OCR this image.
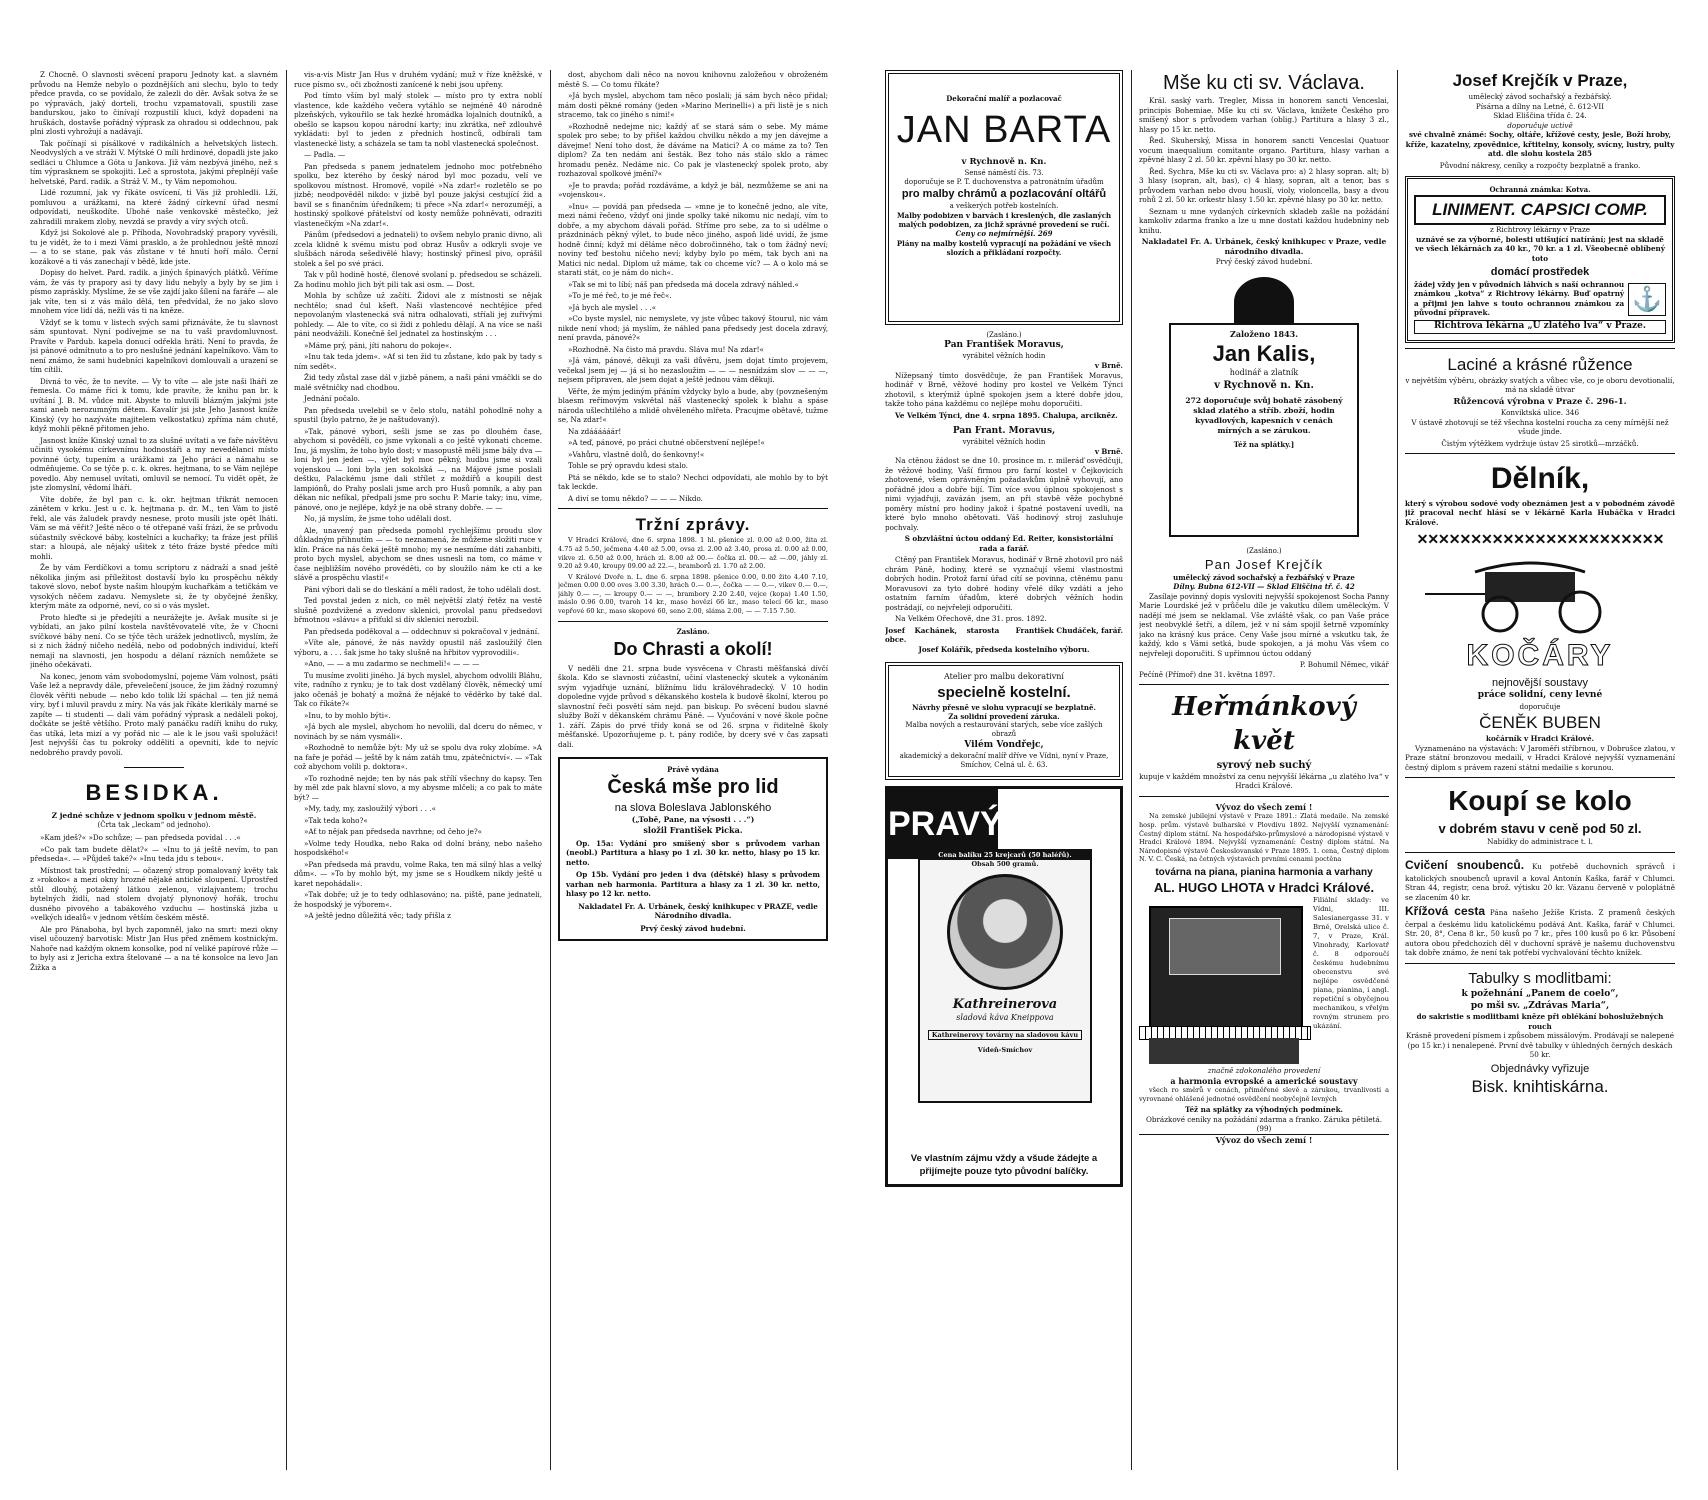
Z Chocně. O slavnosti svěcení praporu Jednoty kat. a slavném průvodu na Hemže nebylo o pozdnějších ani slechu, bylo to tedy předce pravda, co se povídalo, že zalezli do děr. Avšak sotva že se po výpravách, jaký dorteli, trochu vzpamatovali, spustili zase bandurskou, jako to činívají rozpustilí kluci, když dopadeni na hruškách, dostavše pořádný výprask za ohradou si oddechnou, pak plni zlosti vyhrožují a nadávají.

Tak počínají si písálkové v radikálních a helvetských listech. Neodvyslých a ve stráži V. Mýtské O míli hrdinové, dopadli jste jako sedláci u Chlumce a Góta u Jankova. Již vám nezbývá jiného, než s tím výprasknem se spokojiti. Leč a sprostota, jakými přeplnějí vaše helvetské, Pard. radik. a Stráž V. M., ty Vám nepomohou.

Lidé rozumní, jak vy říkáte osvícení, ti Vás již prohledli. Lží, pomluvou a urážkami, na které žádný církevní úřad nesmí odpovídati, neuškodíte. Ubohé naše venkovské městečko, jež zahradili mrakem zloby, nevzdá se pravdy a víry svých otců.

Když jsi Sokolové ale p. Příhoda, Novohradský prapory vyvěsili, tu je vidět, že to i mezi Vámi prasklo, a že prohlednou ještě mnozí — a to se stane, pak vás zůstane v té hnutí hoří málo. Černí kozákové a ti vás zanechají v bědě, kde jste.

Dopisy do helvet. Pard. radik. a jiných špinavých plátků. Věříme vám, že vás ty prapory asi ty davy lidu nebyly a byly by se jim i písmo zapráskly. Myslíme, že se vše zajdí jako šílení na faráře — ale jak víte, ten si z vás málo dělá, ten předvídal, že no jako slovo mnohem více lidí dá, nežli vás ti na kněze.

Vždyť se k tomu v listech svých sami přiznáváte, že tu slavnost sám spuntovat. Nyní podívejme se na tu vaši pravdomluvnost. Pravíte v Pardub. kapela donucí odřekla hráti. Není to pravda, že jsi pánové odmítnuto a to pro neslušné jednání kapelníkovo. Vám to není známo, že sami hudebníci kapelníkovi domlouvali a urazení se tím cítili.

Divná to věc, že to nevíte. — Vy to víte — ale jste naši lháři ze řemesla. Co máme říci k tomu, kde pravíte, že knihu pan br. k uvítání J. B. M. vůdce mit. Abyste to mluvili blázným jakými jste sami aneb nerozumným dětem. Kavalír jsi jste Jeho Jasnost kníže Kinský (vy ho nazýváte majitelem velkostatku) zpříma nám chutě, když mohli pěkně přitomen jeho.

Jasnost kníže Kinský uznal to za slušné uvítati a ve faře návštěvu učiniti vysokému církevnímu hodnostáři a my nevedělanci místo povinné úcty, tupením a urážkami za Jeho práci a námahu se odměňujeme. Co se týče p. c. k. okres. hejtmana, to se Vám nejlépe povedlo. Aby nemusel uvítati, omluvil se nemocí. Tu vidět opět, že jste zlomyslní, vědomí lháři.

Víte dobře, že byl pan c. k. okr. hejtman třikrát nemocen zánětem v krku. Jest u c. k. hejtmana p. dr. M., ten Vám to jistě řekl, ale vás žaludek pravdy nesnese, proto musíli jste opět lháti. Vám se má věřit? Ješté něco o té otřepané vaší frázi, že se průvodu súčastnily svěckové báby, kostelníci a kuchařky; ta fráze jest příliš star: a hloupá, ale nějaký ušitek z této fráze bysté předce míti mohli.

Že by vám Ferdíčkovi a tomu scriptoru z nádraží a snad ještě několika jiným asi příležitost dostavší bylo ku prospěchu někdy takové slovo, neboť byste našim hloupým kuchařkám a tetičkám ve vysokých něčem zadavu. Nemyslete si, že ty obyčejné ženšky, kterým máte za odporné, neví, co si o vás myslet.

Proto hleďte si je předejíti a neurážejte je. Avšak musíte si je vybídati, an jako pilní kostela navštěvovatelé víte, že v Chocni svíčkové báby není. Co se týče těch urážek jednotlivců, myslím, že si z nich žádný ničeho nedělá, nebo od podobných individuí, kteří nemají na slavnosti, jen hospodu a délaní rázních nemůžete se jiného očekávati.

Na konec, jenom vám svobodomyslní, pojeme Vám volnost, psáti Vaše lež a nepravdy dále, převelečení jsouce, že jim žádný rozumný člověk věřiti nebude — nebo kdo tolik lží spáchal — ten již nemá víry, byť i mluvil pravdu z míry. Na vás jak říkáte klerikály marné se zapíte — ti studenti — dali vám pořádný výprask a nedáleli pokoj, dočkáte se ještě většího. Proto malý panáčku radíři knihu do ruky, čas utíká, leta mizí a vy pořád nic — ale k le jsou vaši spolužáci! Jest nejvyšší čas tu pokroky odděliti a opevniti, kde to nejvíc nedobrého pravdy povolí.

BESIDKA.
Z jedné schůze v jednom spolku v jednom městě.
(Črta tak „leckam“ od jednoho).

»Kam jdeš?« »Do schůze; — pan předseda povídal . . .«

»Co pak tam budete dělat?« — »Inu to já ještě nevím, to pan předseda«. — »Půjdeš také?« »Inu teda jdu s tebou«.

Místnost tak prostřední; — očazený strop pomalovaný květy tak z »rokoko« a mezi okny hrozné nějaké antické sloupení. Uprostřed stůl dlouhý, potažený látkou zelenou, vizlajvantem; trochu bytelných židlí, nad stolem dvojatý plynonový hořák, trochu dusného pivového a tabákového vzduchu — hostinská jizba u »velkých idealů« v jednom větším českém městě.

Ale pro Pánaboha, byl bych zapomněl, jako na smrt: mezi okny visel učouzený barvotisk: Mistr Jan Hus před zněmem kostnickým. Nahoře nad každým oknem konsolke, pod ní veliké papírové růže — to byly asi z Jericha extra štelované — a na té konsolce na levo Jan Žižka a

vis-a-vis Mistr Jan Hus v druhém vydání; muž v říze kněžské, v ruce písmo sv., oči zbožnosti zanícené k nebi jsou upřeny.

Pod tímto vším byl malý stolek — místo pro ty extra noblí vlastence, kde každého večera vytáhlo se nejméně 40 národně plzeňských, vykouřilo se tak hezké hromádka lojalních doutníků, a obešlo se kapsou kopou národní karty; inu zkrátka, neř zdlouhvě vykládati: byl to jeden z předních hostinců, odbírali tam vlastenecké listy, a scházela se tam ta nobl vlastenecká společnost.

— Padla. —

Pan předseda s panem jednatelem jednoho moc potřebného spolku, bez kterého by český národ byl moc pozadu, velí ve spolkovou místnost. Hromově, vopilé »Na zdar!« rozletělo se po jizbě; neodpověděl nikdo: v jizbě byl pouze jakýsi cestující žid a bavil se s finančním úředníkem; ti přece »Na zdar!« nerozumějí, a hostinský spolkové přátelství od kosty nemůže pohněvati, odraziti vlastenečkým »Na zdar!«.

Pánům (předsedovi a jednateli) to ovšem nebylo pranic divno, ali zcela klidně k svému místu pod obraz Husův a odkryli svoje ve slušbách národa sešedivělé hlavy; hostinský přinesl pivo, oprášil stolek a šel po své práci.

Tak v půl hodině hosté, členové svolaní p. předsedou se scházeli. Za hodinu mohlo jich být pili tak asi osm. — Dost.

Mohla by schůze už začíti. Židovi ale z místnosti se nějak nechtělo; snad čul kšeft. Naši vlastencové nechtějíce před nepovolaným vlastenecká svá nitra odhalovati, stříali jej zuřivými pohledy. — Ale to víte, co si židi z pohledu dělají. A na více se naši páni neodvážili. Konečně šel jednatel za hostinským . . .

»Máme prý, páni, jíti nahoru do pokoje«.

»Inu tak teda jdem«. »Ať si ten žid tu zůstane, kdo pak by tady s ním sedět«.

Žid tedy zůstal zase dál v jizbě pánem, a naši páni vmáčkli se do malé světničky nad chodbou.

Jednání počalo.

Pan předseda uvelebil se v čelo stolu, natáhl pohodlně nohy a spustil (bylo patrno, že je naštudovaný).

»Tak, pánové vybori, sešli jsme se zas po dlouhém čase, abychom si pověděli, co jsme vykonali a co ještě vykonati chceme. Inu, já myslím, že toho bylo dost; v masopustě měli jsme bály dva — loni byl jen jeden —, výlet byl moc pěkný, hudbu jsme si vzali vojenskou — loni byla jen sokolská —, na Májové jsme poslali deštku, Palackému jsme dali střílet z moždířů a koupili dest lampiónů, do Prahy poslali jsme arch pro Husů pomník, a aby pan děkan nic nefíkal, předpali jsme pro sochu P. Marie taky; inu, víme, pánové, ono je nejlépe, když je na obě strany dobře. — —

No, já myslím, že jsme toho udělali dost.

Ale, unavený pan předseda pomohl rychlejšímu proudu slov důkladným přihnutím — — to neznamená, že můžeme složiti ruce v klín. Práce na nás čeká ještě mnoho; my se nesmíme dáti zahanbiti, proto bych myslel, abychom se dnes usnesli na tom, co máme v čase nejbližším nového provéděti, co by sloužilo nám ke cti a ke slávě a prospěchu vlasti!«

Páni výbori dali se do tleskání a měli radost, že toho udělali dost.

Ted povstal jeden z nich, co měl největší zlatý řetěz na vestě slušně pozdvižené a zvedonv sklenici, provolal panu předsedovi břmotnou »slávu« a přiťukl si dív sklenici nerozbil.

Pan předseda poděkoval a — oddechnuv si pokračoval v jednání.

»Víte ale, pánové, že nás navždy opustil náš zasloužilý člen výboru, a . . . šak jsme ho taky slušně na hřbitov vyprovodili«.

»Ano, — — a mu zadarmo se nechmeli!« — — —

Tu musíme zvoliti jiného. Já bych myslel, abychom odvolili Bláhu, víte, radního z rynku; je to tak dost vzdělaný člověk, německý umí jako očenáš je bohatý a možná že nějaké to věděrko by také dal. Tak co říkáte?«

»Inu, to by mohlo býti«.

»Já bych ale myslel, abychom ho nevolili, dal dceru do němec, v novinách by se nám vysmáli«.

»Rozhodně to nemůže být: My už se spolu dva roky zlobíme. »A na faře je pořád — ještě by k nám zatáh tmu, zpátečnictví«. — »Tak což abychom volili p. doktora«.

»To rozhodně nejde; ten by nás pak střílí všechny do kapsy. Ten by měl zde pak hlavní slovo, a my abysme mlčeli; a co pak to máte být? —

»My, tady, my, zasloužilý výbori . . .«

»Tak teda koho?«

»Ať to nějak pan předseda navrhne; od čeho je?«

»Volme tedy Houdka, nebo Raka od dolní brány, nebo našeho hospodského!«

»Pan předseda má pravdu, volme Raka, ten má silný hlas a velký dům«. — »To by mohlo být, my jsme se s Houdkem nikdy ještě u karet nepohádali«.

»Tak dobře; už je to tedy odhlasováno; na. piště, pane jednateli, že hospodský je výborem«.

»A ještě jedno důležitá věc; tady přišla z

dost, abychom dali něco na novou knihovnu založeňou v obroženém městě S. — Co tomu říkáte?

»Já bych myslel, abychom tam něco poslali; já sám bych něco přidal; mám dosti pěkné romány (jeden »Marino Merinelli«) a při listě je s nich stracemo, tak co jiného s nimi!«

»Rozhodně nedejme nic; každý ať se stará sám o sebe. My máme spolek pro sebe; to by přišel každou chvilku někdo a my jen dávejme a dávejme! Není toho dost, že dáváme na Matici? A co máme za to? Ten diplom? Za ten nedám ani šesták. Bez toho nás stálo sklo a rámec hromadu peněz. Nedáme nic. Co pak je vlastenecký spolek proto, aby rozhazoval spolkové jmění?«

»Je to pravda; pořád rozdáváme, a když je bál, nezmůžeme se ani na »vojenskou«.

»Inu« — povídá pan předseda — »mne je to konečně jedno, ale víte, mezi námi řečeno, vždyť oni jinde spolky také nikomu nic nedají, vím to dobře, a my abychom dávali pořád. Stříme pro sebe, za to si udělme o prázdninách pěkný výlet, to bude něco jiného, aspoň lidé uvidí, že jsme hodně činní; když mi děláme něco dobročinného, tak o tom žádný neví; noviny teď bestohu ničeho neví; kdyby bylo po mém, tak bych ani na Matici nic nedal. Diplom už máme, tak co chceme víc? — A o kolo má se starati stát, co je nám do nich«.

»Tak se mi to líbí; náš pan předseda má docela zdravý náhled.«

»To je mé řeč, to je mé řeč«.

»Já bych ale myslel . . .«

»Co byste myslel, nic nemyslete, vy jste vůbec takový štourul, nic vám nikde není vhod; já myslím, že náhled pana předsedy jest docela zdravý, není pravda, pánové?«

»Rozhodně. Na čisto má pravdu. Sláva mu! Na zdar!«

»Já vám, pánové, děkuji za vaši důvěru, jsem dojat tímto projevem, večekal jsem jej — já si ho nezasloužim — — — nesnídzám slov — — —, nejsem připraven, ale jsem dojat a ještě jednou vám děkuji.

Věřte, že mým jediným přáním vždycky bylo a bude, aby (povznešeným blaesm reřímovým vskvětal náš vlastenecký spolek k blahu a spáse národa ušlechtilého a mlidě ohvěleného mlřeta. Pracujme obětavě, tužme se, Na zdar!«

Na zdáááááár!

»A teď, pánové, po práci chutné občerstvení nejlépe!«

»Vahůru, vlastně dolů, do šenkovny!«

Tohle se prý opravdu kdesi stalo.

Ptá se někdo, kde se to stalo? Nechci odpovídati, ale mohlo by to být tak leckde.

A diví se tomu někdo? — — — Nikdo.

Tržní zprávy.

V Hradci Králové, dne 6. srpna 1898. 1 hl. pšenice zl. 0.00 až 0.00, žita zl. 4.75 až 5.50, ječmena 4.40 až 5.00, ovsa zl. 2.00 až 3.40, prosa zl. 0.00 až 0.00, vikve zl. 6.50 až 0.00, hrách zl. 8.00 až 00.— čočka zl. 00.— až —.00, jáhly zl. 9.20 až 9.40, kroupy 09.00 až 22.—, bramborů zl. 1.70 až 2.00.

V Králové Dvoře n. L. dne 6. srpna 1898. pšenice 0.00, 0.00 žito 4.40 7.10, ječmen 0.00 0.00 oves 3.00 3.30, hrách 0.— 0.—, čočka — — 0.—, vikev 0.— 0.—, jáhly 0.— —, — kroupy 0.— — —, brambory 2.20 2.40, vejce (kopa) 1.40 1.50, máslo 0.96 0.00, tvaroh 14 kr., maso hovězí 66 kr., maso telecí 66 kr., maso vepřové 60 kr., maso skopové 60, seno 2.00, sláma 2.00, — — 7.15 7.50.

Zasláno.
Do Chrasti a okolí!

V neděli dne 21. srpna bude vysvěcena v Chrasti měšťanská dívčí škola. Kdo se slavnosti zúčastní, učiní vlastenecký skutek a vykonáním svým vyjadřuje uznání, bližnímu lidu královéhradecký. V 10 hodin dopoledne vyjde průvod s děkanského kostela k budově školní, kterou po slavnostní řeči posvětí sám nejd. pan biskup. Po svěcení budou slavné služby Boží v děkanském chrámu Páně. — Vyučování v nové škole počne 1. září. Zápis do prvé třídy koná se od 26. srpna v řiditelně školy měšťanské. Upozorňujeme p. t. pány rodiče, by dcery své v čas zapsati dali.

Právě vydána
Česká mše pro lid
na slova Boleslava Jablonského
(„Tobě, Pane, na výsosti . . .“)
složil František Picka.

Op. 15a: Vydání pro smíšený sbor s průvodem varhan (neobl.) Partitura a hlasy po 1 zl. 30 kr. netto, hlasy po 15 kr. netto.

Op 15b. Vydání pro jeden i dva (dětské) hlasy s průvodem varhan neb harmonia. Partitura a hlasy za 1 zl. 30 kr. netto, hlasy po 12 kr. netto.

Nakladatel Fr. A. Urbánek, český knihkupec v PRAZE, vedle Národního divadla.

Prvý český závod hudební.
Dekorační malíř a pozlacovač
JAN BARTA
v Rychnově n. Kn.
Sensé náměstí čís. 73.
doporučuje se P. T. duchovenstva a patronátním úřadům
pro malby chrámů a pozlacování oltářů
a veškerých potřeb kostelních.
Malby podobizen v barvách i kreslených, dle zaslaných malých podobizen, za jichž správné provedení se ručí.
Ceny co nejmírnější. 269
Plány na malby kostelů vypracují na požádání ve všech slozích a přikládaní rozpočty.
(Zasláno.)
Pan František Moravus,
vyrábitel věžních hodin
v Brně.

Nížepsaný tímto dosvědčuje, že pan František Moravus, hodinář v Brně, věžové hodiny pro kostel ve Velkém Týnci zhotovil, s kterýmiž úplně spokojen jsem a které dobře jdou, takže toho pána každému co nejlépe mohu doporučiti.

Ve Velkém Týnci, dne 4. srpna 1895. Chalupa, arcikněz.

Pan Frant. Moravus,
vyrábitel věžních hodin
v Brně.

Na ctěnou žádost se dne 10. prosince m. r. mileráď osvědčuji, že věžové hodiny, Vaší firmou pro farní kostel v Čejkovicích zhotovené, všem oprávněným požadavkům úplně vyhovují, ano pořádně jdou a dobře bijí. Tím více svou úplnou spokojenost s nimi vyjadřuji, zavázán jsem, an při stavbě věže pochybné poměry místní pro hodiny jakož i špatné postavení uvedli, na které bylo mnoho obětovati. Váš hodinový stroj zasluhuje pochvaly.

S obzvláštní úctou oddaný Ed. Reiter, konsistoriální rada a farář.

Ctěný pan František Moravus, hodinář v Brně zhotovil pro náš chrám Páně, hodiny, které se vyznačují všemi vlastnostmi dobrých hodin. Protož farní úřad cítí se povinna, ctěnému panu Moravusovi za tyto dobré hodiny vřelé díky vzdáti a jeho ostatním farním úřadům, které dobrých věžních hodin postrádají, co nejvřeleji odporučiti.

Na Velkém Ořechově, dne 31. pros. 1892.

Josef Kachánek, starosta obce.
František Chudáček, farář.
Josef Kolářík, předseda kostelního výboru.
Atelier pro malbu dekorativní
specielně kostelní.
Návrhy přesně ve slohu vypracují se bezplatně.
Za solidní provedení záruka.
Malba nových a restaurování starých, sebe více zašlých obrazů
Vilém Vondřejc,
akademický a dekorační malíř dříve ve Vídni, nyní v Praze, Smíchov, Celná ul. č. 63.
PRAVÝ
Cena balíku 25 krejcarů (50 haléřů).
Obsah 500 gramů.
Kathreinerova
sladová káva Kneippova
Kathreinerovy továrny na sladovou kávu
Vídeň-Smíchov
Ve vlastním zájmu vždy a všude žádejte a přijímejte pouze tyto původní balíčky.
Mše ku cti sv. Václava.

Král. saský varh. Tregler, Missa in honorem sancti Venceslai, principis Bohemiae. Mše ku cti sv. Václava, knížete Českého pro smíšený sbor s průvodem varhan (oblig.) Partitura a hlasy 3 zl., hlasy po 15 kr. netto.

Řed. Skuherský, Missa in honorem sancti Venceslai Quatuor vocum inaequalium comitante organo. Partitura, hlasy varhan a zpěvné hlasy 2 zl. 50 kr. zpěvní hlasy po 30 kr. netto.

Řed. Sychra, Mše ku cti sv. Václava pro: a) 2 hlasy sopran. alt; b) 3 hlasy (sopran, alt, bas), c) 4 hlasy, sopran, alt a tenor, bas s průvodem varhan nebo dvou houslí, violy, violoncella, basy a dvou rohů 2 zl. 50 kr. orkestr hlasy 1.50 kr. zpěvné hlasy po 30 kr. netto.

Seznam u mne vydaných církevních skladeb zašle na požádání kamkoliv zdarma franko a lze u mne dostati každou hudebniny neb knihu.

Nakladatel Fr. A. Urbánek, český knihkupec v Praze, vedle národního divadla.
Prvý český závod hudební.
Založeno 1843.
Jan Kalis,
hodinář a zlatník
v Rychnově n. Kn.

272 doporučuje svůj bohatě zásobený sklad zlatého a stříb. zboží, hodin kyvadlových, kapesních v cenách mírných a se zárukou.

Též na splátky.]
(Zasláno.)
Pan Josef Krejčík
umělecký závod sochařský a řezbářský v Praze
Dílny. Bubna 612-VII — Sklad Eliščina tř. č. 42

Zasílaje povinný dopis vysloviti nejvyšší spokojenost Socha Panny Marie Lourdské jež v průčelu díle je vakutku dílem uměleckým. V nadějí mé jsem se neklamal. Vše zvláště však, co pan Vaše práce jest neobvyklé šetří, a dílem, jež v ní sám spojil šetrně vzpomínky jako na krásný kus práce. Ceny Vaše jsou mírné a vskutku tak, že každý, kdo s Vámi setká, bude spokojen, a já mohu Vás všem co nejvřeleji doporučiti. S upřímnou úctou oddaný

P. Bohumil Němec, vikář
Pečíně (Přímoř) dne 31. května 1897.
Heřmánkový květ
syrový neb suchý

kupuje v každém množství za cenu nejvyšší lékárna „u zlatého lva“ v Hradci Králové.

Vývoz do všech zemí !

Na zemské jubilejní výstavě v Praze 1891.: Zlatá medaile. Na zemské hosp. prům. výstavě bulharské v Plovdivu 1892. Nejvyšší vyznamenání: Čestný diplom státní. Na hospodářsko-průmyslové a národopisné výstavě v Hradci Králové 1894. Nejvyšší vyznamenání: Čestný diplom státní. Na Národopisné výstavě Českoslovanské v Praze 1895. 1. cena, Čestný diplom N. V. C. Česká, na četných výstavách prvními cenami poctěna

továrna na piana, pianina harmonia a varhany
AL. HUGO LHOTA v Hradci Králové.

Filiální sklady: ve Vídni, III. Salesianergasse 31. v Brně, Orelská ulice č. 7, v Praze, Král. Vinohrady, Karlovatř č. 8 odporoučí českému hudebnímu obecenstvu své nejlépe osvědčené piana, pianina, i angl. repetiční s obyčejnou mechanikou, s vřelým rovným strunem pro ukázání.

značně zdokonalého provedení
a harmonia evropské a americké soustavy

všech ro směrů v cenách, přiměřené slevě a zárukou, trvanlivosti a vyrovnané ohlášené jednotné osvědčení neobyčejně levných

Též na splátky za výhodných podmínek.
Obrázkové ceníky na požádání zdarma a franko. Záruka pětiletá. (99)
Vývoz do všech zemí !
Josef Krejčík v Praze,
umělecký závod sochařský a řezbářský.
Písárna a dílny na Letné, č. 612-VII
Sklad Eliščina třída č. 24.
doporučuje uctivě

své chvalně známé: Sochy, oltáře, křížové cesty, jesle, Boží hroby, kříže, kazatelny, zpovědnice, křtitelny, konsoly, svícny, lustry, pulty atd. dle slohu kostela 285

Původní nákresy, ceníky a rozpočty bezplatně a franko.
Ochranná známka: Kotva.
LINIMENT. CAPSICI COMP.
z Richtrovy lékárny v Praze

uznávé se za výborné, bolesti utišující natírání; jest na skladě ve všech lékárnách za 40 kr., 70 kr. a 1 zl. Všeobecně oblíbený toto

domácí prostředek

žádej vždy jen v původních láhvích s naší ochrannou známkou „kotva“ z Richtrovy lékárny. Buď opatrný a přijmi jen lahve s touto ochrannou známkou za původní přípravek.	⚓
Richtrova lékárna „U zlatého lva“ v Praze.
Laciné a krásné růžence

v největším výběru, obrázky svatých a vůbec vše, co je oboru devotionalií, má na skladě útvar

Růžencová výrobna v Praze č. 296-1.
Konviktská ulice. 346

V ústavě zhotovují se též všechna kostelní roucha za ceny mírnější než všude jinde.

Čistým výtěžkem vydržuje ústav 25 sirotků—mrzáčků.
Dělník,

který s výrobou sodové vody obeznámen jest a v pobodném závodě již pracoval nechť hlásí se v lékárně Karla Hubáčka v Hradci Králové.

✕✕✕✕✕✕✕✕✕✕✕✕✕✕✕✕✕✕✕✕✕✕✕
KOČÁRY
nejnovější soustavy
práce solidní, ceny levné
doporučuje
ČENĚK BUBEN
kočárník v Hradci Králové.

Vyznamenáno na výstavách: V Jaroměři stříbrnou, v Dobrušce zlatou, v Praze státní bronzovou medailí, v Hradci Králové nejvyšší vyznamenání čestný diplom s právem razení státní medailie s korunou.

Koupí se kolo
v dobrém stavu v ceně pod 50 zl.
Nabídky do administrace t. l.

Cvičení snoubenců. Ku potřebě duchovních správců i katolických snoubenců upravil a koval Antonín Kaška, farář v Chlumci. Stran 44, registr, cena brož. výtisku 20 kr. Vázanu červeně v poloplátně se zlacením 40 kr.

Křížová cesta Pána našeho Ježíše Krista. Z pramenů českých čerpal a českému lidu katolickému podává Ant. Kaška, farář v Chlumci. Str. 20, 8°, Cena 8 kr., 50 kusů po 7 kr., přes 100 kusů po 6 kr. Působení autora obou předchozích děl v duchovní správě je našemu duchovenstvu tak dobře známo, že není tak potřebí vychvalování těchto knížek.

Tabulky s modlitbami:
k požehnání „Panem de coelo“,
po mši sv. „Zdrávas Maria“,
do sakristie s modlitbami kněze při oblékání bohoslužebných rouch

Krásně provedení písmem i způsobem missálovým. Prodávají se nalepené (po 15 kr.) i nenalepené. První dvě tabulky v úhledných černých deskách 50 kr.

Objednávky vyřizuje
Bisk. knihtiskárna.
